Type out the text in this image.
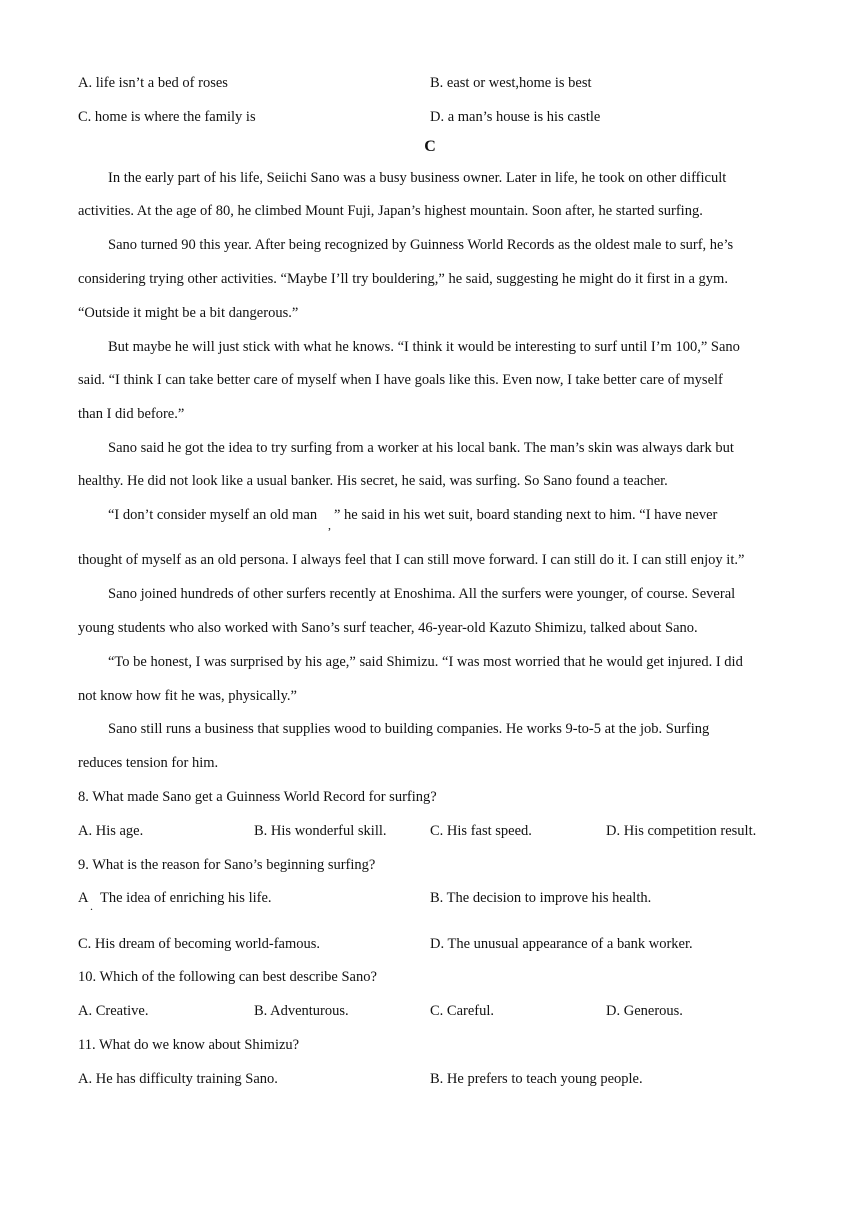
A. life isn’t a bed of roses	B. east or west,home is best
C. home is where the family is	D. a man’s house is his castle
C
In the early part of his life, Seiichi Sano was a busy business owner. Later in life, he took on other difficult
activities. At the age of 80, he climbed Mount Fuji, Japan’s highest mountain. Soon after, he started surfing.
Sano turned 90 this year. After being recognized by Guinness World Records as the oldest male to surf, he’s
considering trying other activities. “Maybe I’ll try bouldering,” he said, suggesting he might do it first in a gym.
“Outside it might be a bit dangerous.”
But maybe he will just stick with what he knows. “I think it would be interesting to surf until I’m 100,” Sano
said. “I think I can take better care of myself when I have goals like this. Even now, I take better care of myself
than I did before.”
Sano said he got the idea to try surfing from a worker at his local bank. The man’s skin was always dark but
healthy. He did not look like a usual banker. His secret, he said, was surfing. So Sano found a teacher.
“I don’t consider myself an old man
,
” he said in his wet suit, board standing next to him. “I have never
thought of myself as an old persona. I always feel that I can still move forward. I can still do it. I can still enjoy it.”
Sano joined hundreds of other surfers recently at Enoshima. All the surfers were younger, of course. Several
young students who also worked with Sano’s surf teacher, 46-year-old Kazuto Shimizu, talked about Sano.
“To be honest, I was surprised by his age,” said Shimizu. “I was most worried that he would get injured. I did
not know how fit he was, physically.”
Sano still runs a business that supplies wood to building companies. He works 9-to-5 at the job. Surfing
reduces tension for him.
8. What made Sano get a Guinness World Record for surfing?
A. His age.	B. His wonderful skill.	C. His fast speed.	D. His competition result.
9. What is the reason for Sano’s beginning surfing?
A . The idea of enriching his life.	B. The decision to improve his health.
C. His dream of becoming world-famous.	D. The unusual appearance of a bank worker.
10. Which of the following can best describe Sano?
A. Creative.	B. Adventurous.	C. Careful.	D. Generous.
11. What do we know about Shimizu?
A. He has difficulty training Sano.	B. He prefers to teach young people.
